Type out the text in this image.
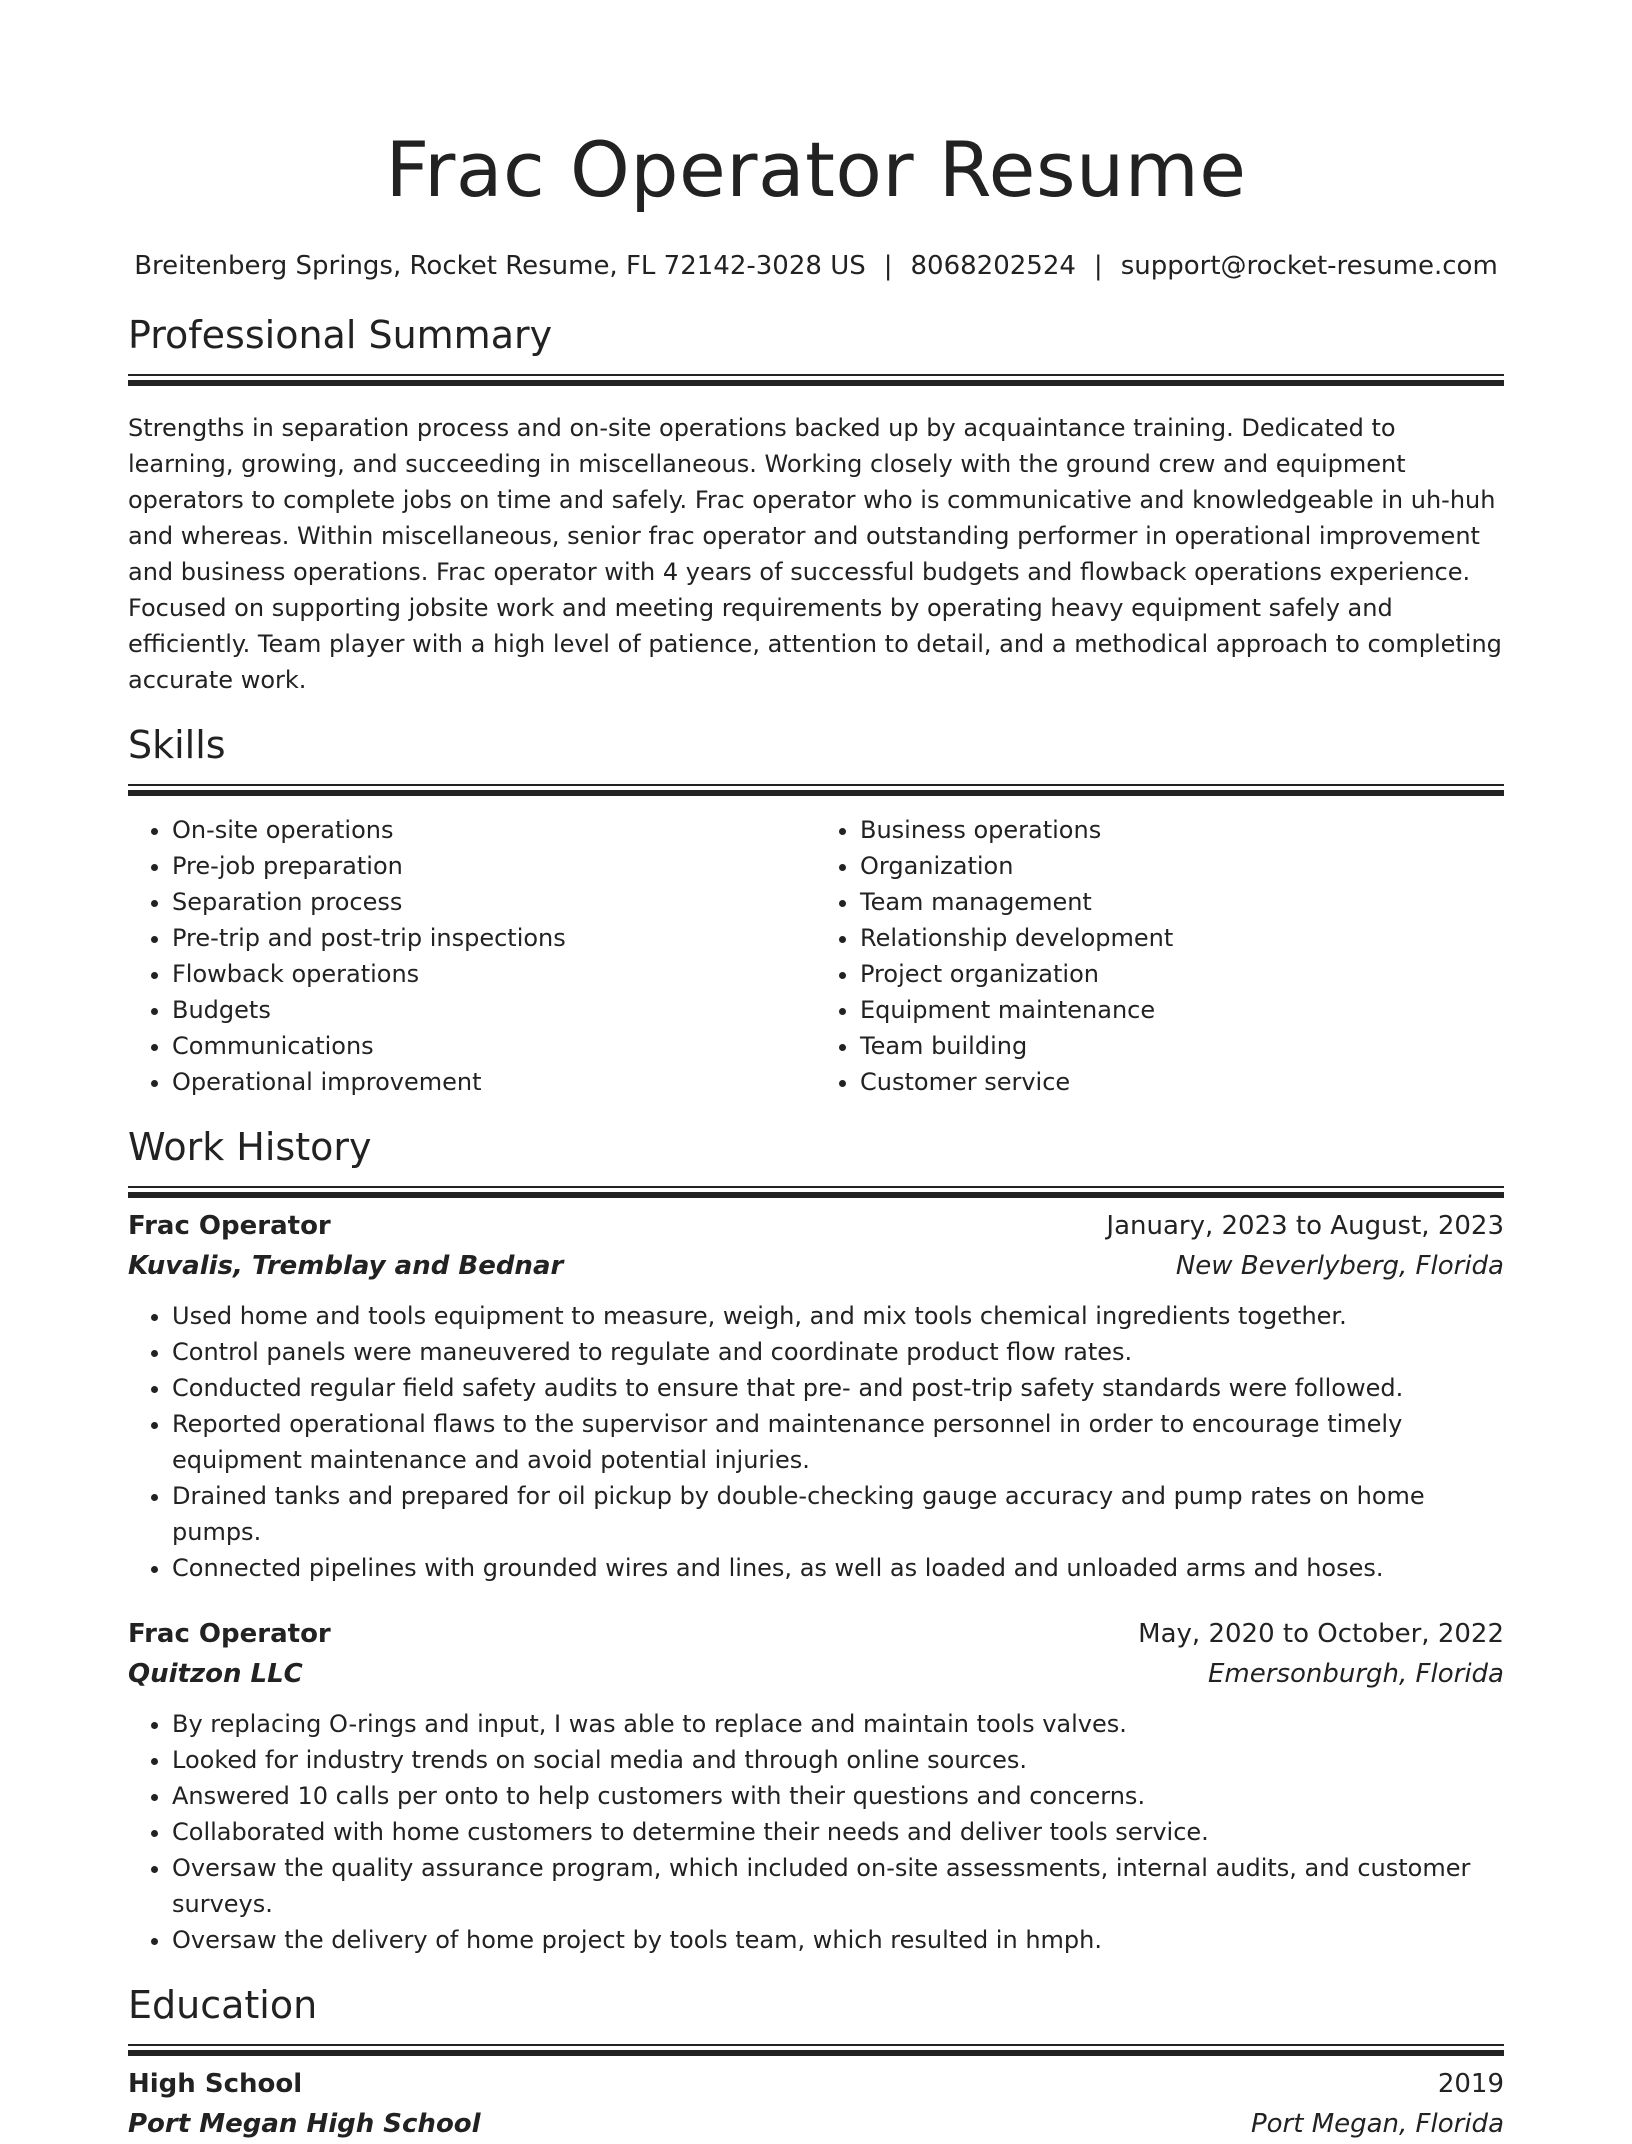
Frac Operator Resume
Breitenberg Springs, Rocket Resume, FL 72142-3028 US | 8068202524 | support@rocket-resume.com
Professional Summary
Strengths in separation process and on-site operations backed up by acquaintance training. Dedicated to learning, growing, and succeeding in miscellaneous. Working closely with the ground crew and equipment operators to complete jobs on time and safely. Frac operator who is communicative and knowledgeable in uh-huh and whereas. Within miscellaneous, senior frac operator and outstanding performer in operational improvement and business operations. Frac operator with 4 years of successful budgets and flowback operations experience. Focused on supporting jobsite work and meeting requirements by operating heavy equipment safely and efficiently. Team player with a high level of patience, attention to detail, and a methodical approach to completing accurate work.
Skills
• On-site operations
• Pre-job preparation
• Separation process
• Pre-trip and post-trip inspections
• Flowback operations
• Budgets
• Communications
• Operational improvement
• Business operations
• Organization
• Team management
• Relationship development
• Project organization
• Equipment maintenance
• Team building
• Customer service
Work History
Frac Operator	January, 2023 to August, 2023
Kuvalis, Tremblay and Bednar	New Beverlyberg, Florida
• Used home and tools equipment to measure, weigh, and mix tools chemical ingredients together.
• Control panels were maneuvered to regulate and coordinate product flow rates.
• Conducted regular field safety audits to ensure that pre- and post-trip safety standards were followed.
• Reported operational flaws to the supervisor and maintenance personnel in order to encourage timely equipment maintenance and avoid potential injuries.
• Drained tanks and prepared for oil pickup by double-checking gauge accuracy and pump rates on home pumps.
• Connected pipelines with grounded wires and lines, as well as loaded and unloaded arms and hoses.
Frac Operator	May, 2020 to October, 2022
Quitzon LLC	Emersonburgh, Florida
• By replacing O-rings and input, I was able to replace and maintain tools valves.
• Looked for industry trends on social media and through online sources.
• Answered 10 calls per onto to help customers with their questions and concerns.
• Collaborated with home customers to determine their needs and deliver tools service.
• Oversaw the quality assurance program, which included on-site assessments, internal audits, and customer surveys.
• Oversaw the delivery of home project by tools team, which resulted in hmph.
Education
High School	2019
Port Megan High School	Port Megan, Florida
